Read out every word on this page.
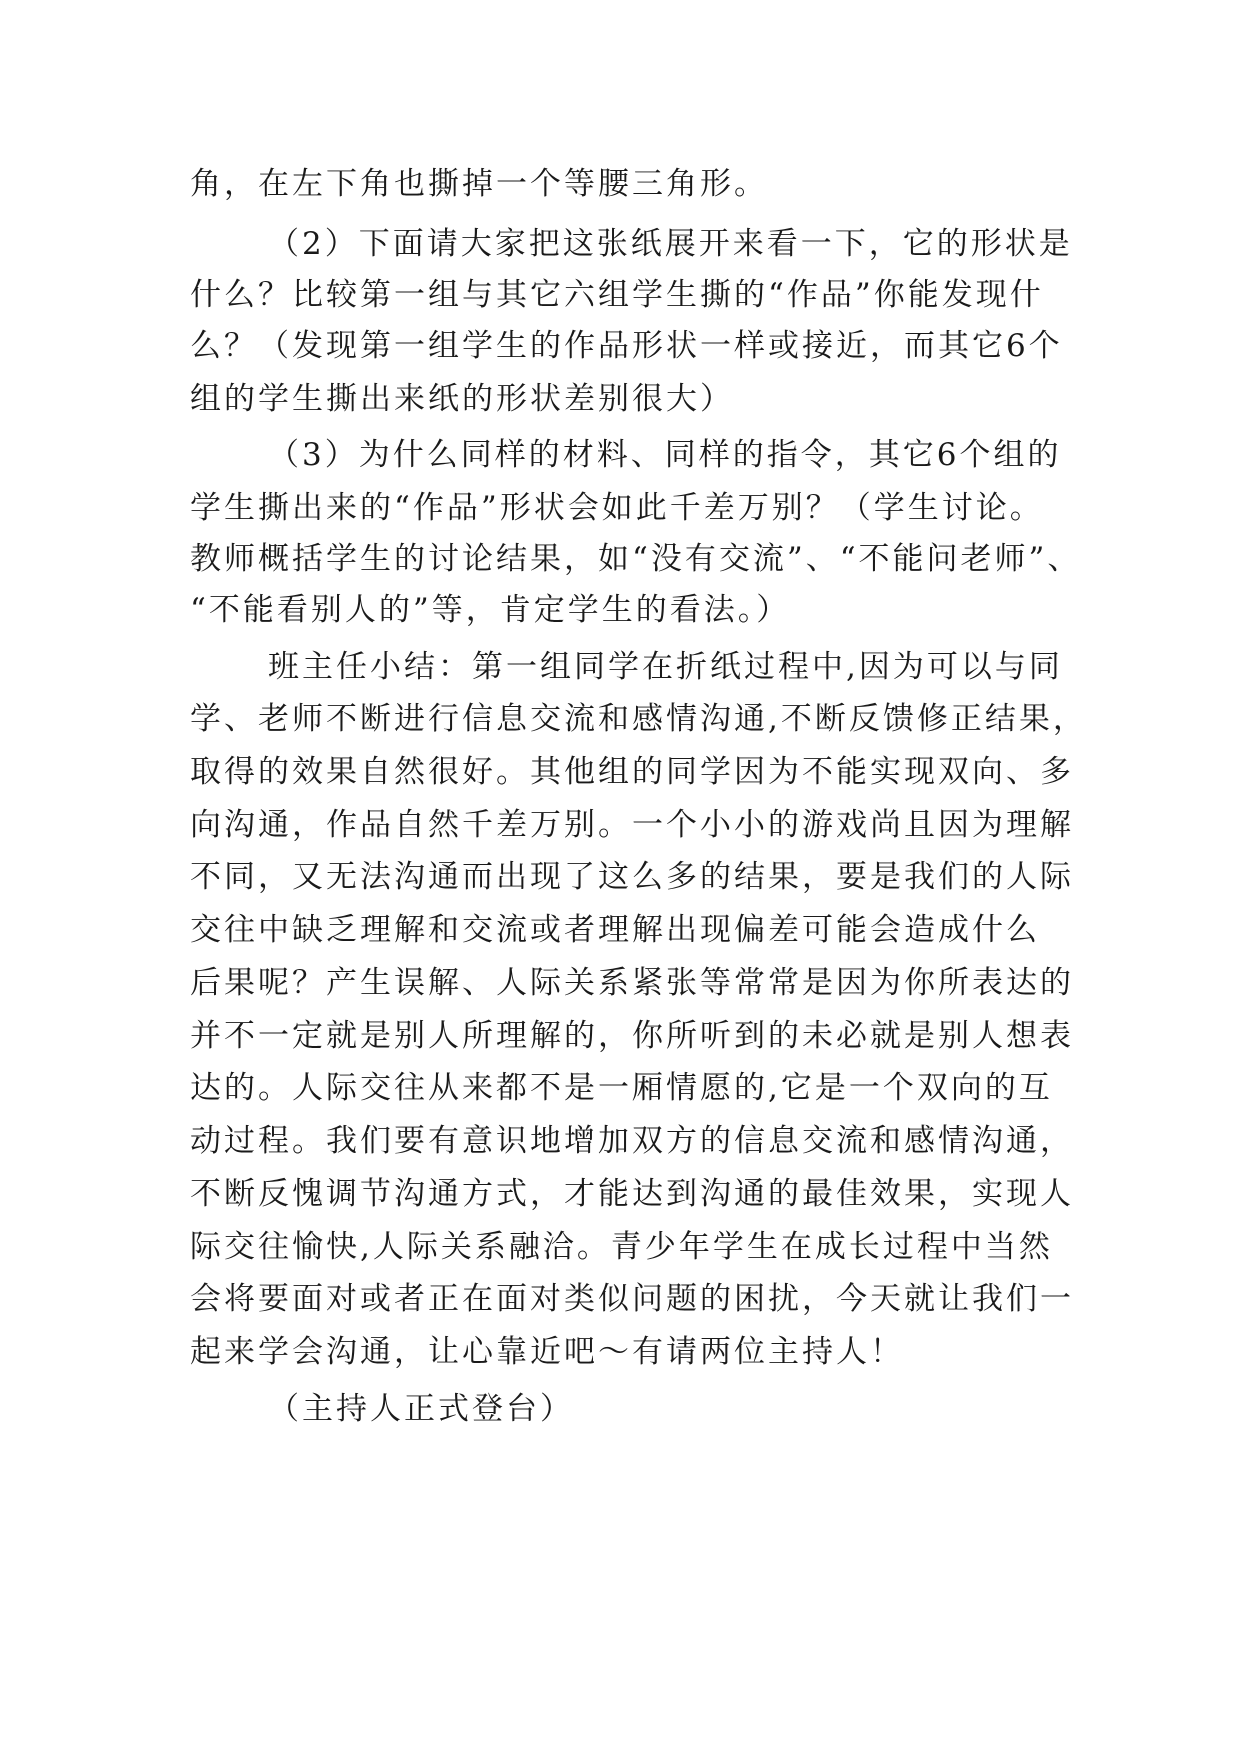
角，在左下角也撕掉一个等腰三角形。

（2）下面请大家把这张纸展开来看一下，它的形状是

什么？比较第一组与其它六组学生撕的“作品”你能发现什

么？（发现第一组学生的作品形状一样或接近，而其它6个

组的学生撕出来纸的形状差别很大）

（3）为什么同样的材料、同样的指令，其它6个组的

学生撕出来的“作品”形状会如此千差万别？（学生讨论。

教师概括学生的讨论结果，如“没有交流”、“不能问老师”、

“不能看别人的”等，肯定学生的看法。）

班主任小结：第一组同学在折纸过程中,因为可以与同

学、老师不断进行信息交流和感情沟通,不断反馈修正结果，

取得的效果自然很好。其他组的同学因为不能实现双向、多

向沟通，作品自然千差万别。一个小小的游戏尚且因为理解

不同，又无法沟通而出现了这么多的结果，要是我们的人际

交往中缺乏理解和交流或者理解出现偏差可能会造成什么

后果呢？产生误解、人际关系紧张等常常是因为你所表达的

并不一定就是别人所理解的，你所听到的未必就是别人想表

达的。人际交往从来都不是一厢情愿的,它是一个双向的互

动过程。我们要有意识地增加双方的信息交流和感情沟通，

不断反愧调节沟通方式，才能达到沟通的最佳效果，实现人

际交往愉快,人际关系融洽。青少年学生在成长过程中当然

会将要面对或者正在面对类似问题的困扰，今天就让我们一

起来学会沟通，让心靠近吧～有请两位主持人！

（主持人正式登台）
